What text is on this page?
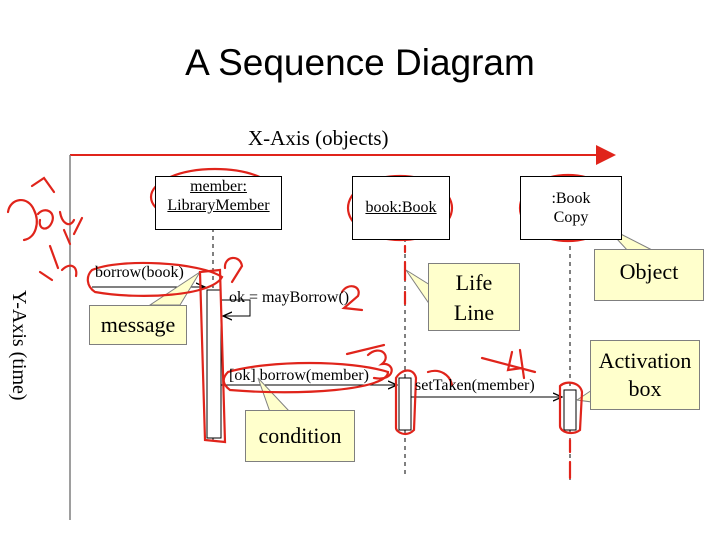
A Sequence Diagram
X-Axis (objects)
Y-Axis (time)
member:
LibraryMember	book:Book
:Book
Copy
borrow(book)
ok = mayBorrow()
[ok] borrow(member)
setTaken(member)
message
condition
Life
Line
Object
Activation
box
